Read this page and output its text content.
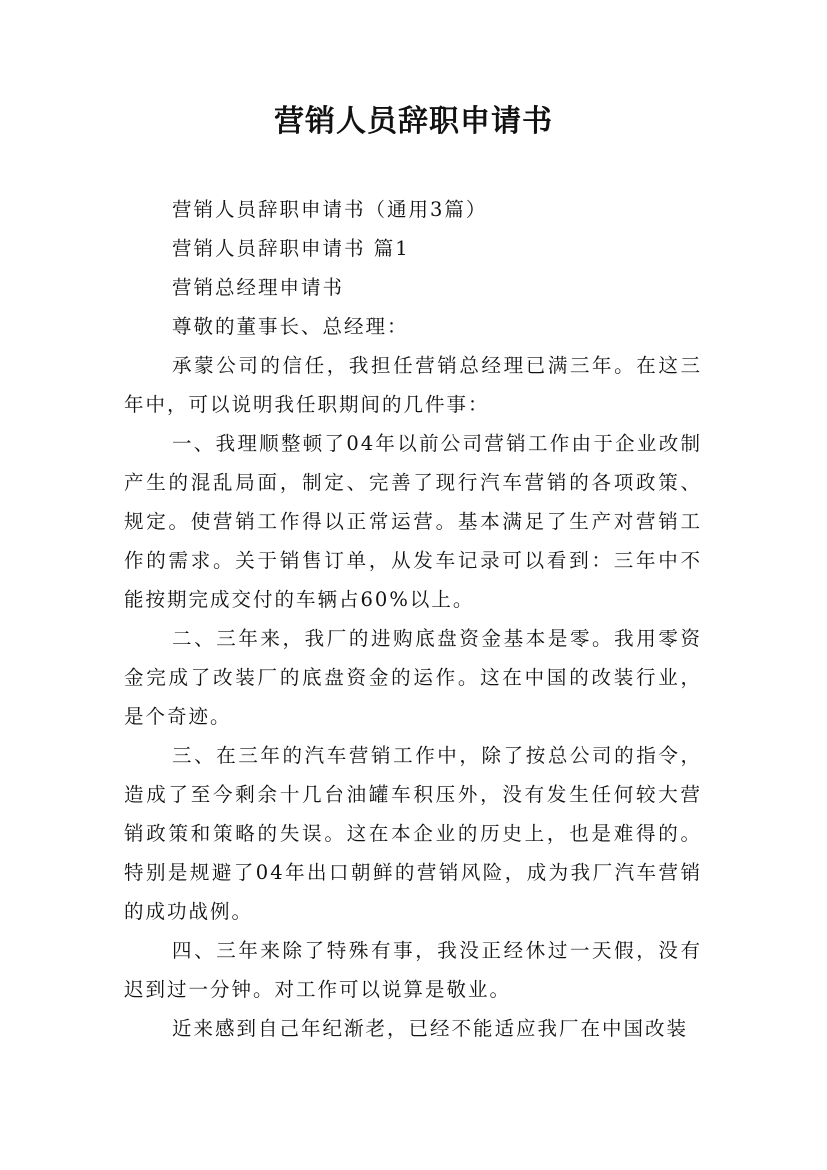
营销人员辞职申请书

营销人员辞职申请书（通用3篇）

营销人员辞职申请书 篇1

营销总经理申请书

尊敬的董事长、总经理：

承蒙公司的信任，我担任营销总经理已满三年。在这三年中，可以说明我任职期间的几件事：

一、我理顺整顿了04年以前公司营销工作由于企业改制产生的混乱局面，制定、完善了现行汽车营销的各项政策、规定。使营销工作得以正常运营。基本满足了生产对营销工作的需求。关于销售订单，从发车记录可以看到：三年中不能按期完成交付的车辆占60%以上。

二、三年来，我厂的进购底盘资金基本是零。我用零资金完成了改装厂的底盘资金的运作。这在中国的改装行业，是个奇迹。

三、在三年的汽车营销工作中，除了按总公司的指令，造成了至今剩余十几台油罐车积压外，没有发生任何较大营销政策和策略的失误。这在本企业的历史上，也是难得的。特别是规避了04年出口朝鲜的营销风险，成为我厂汽车营销的成功战例。

四、三年来除了特殊有事，我没正经休过一天假，没有迟到过一分钟。对工作可以说算是敬业。

近来感到自己年纪渐老，已经不能适应我厂在中国改装
